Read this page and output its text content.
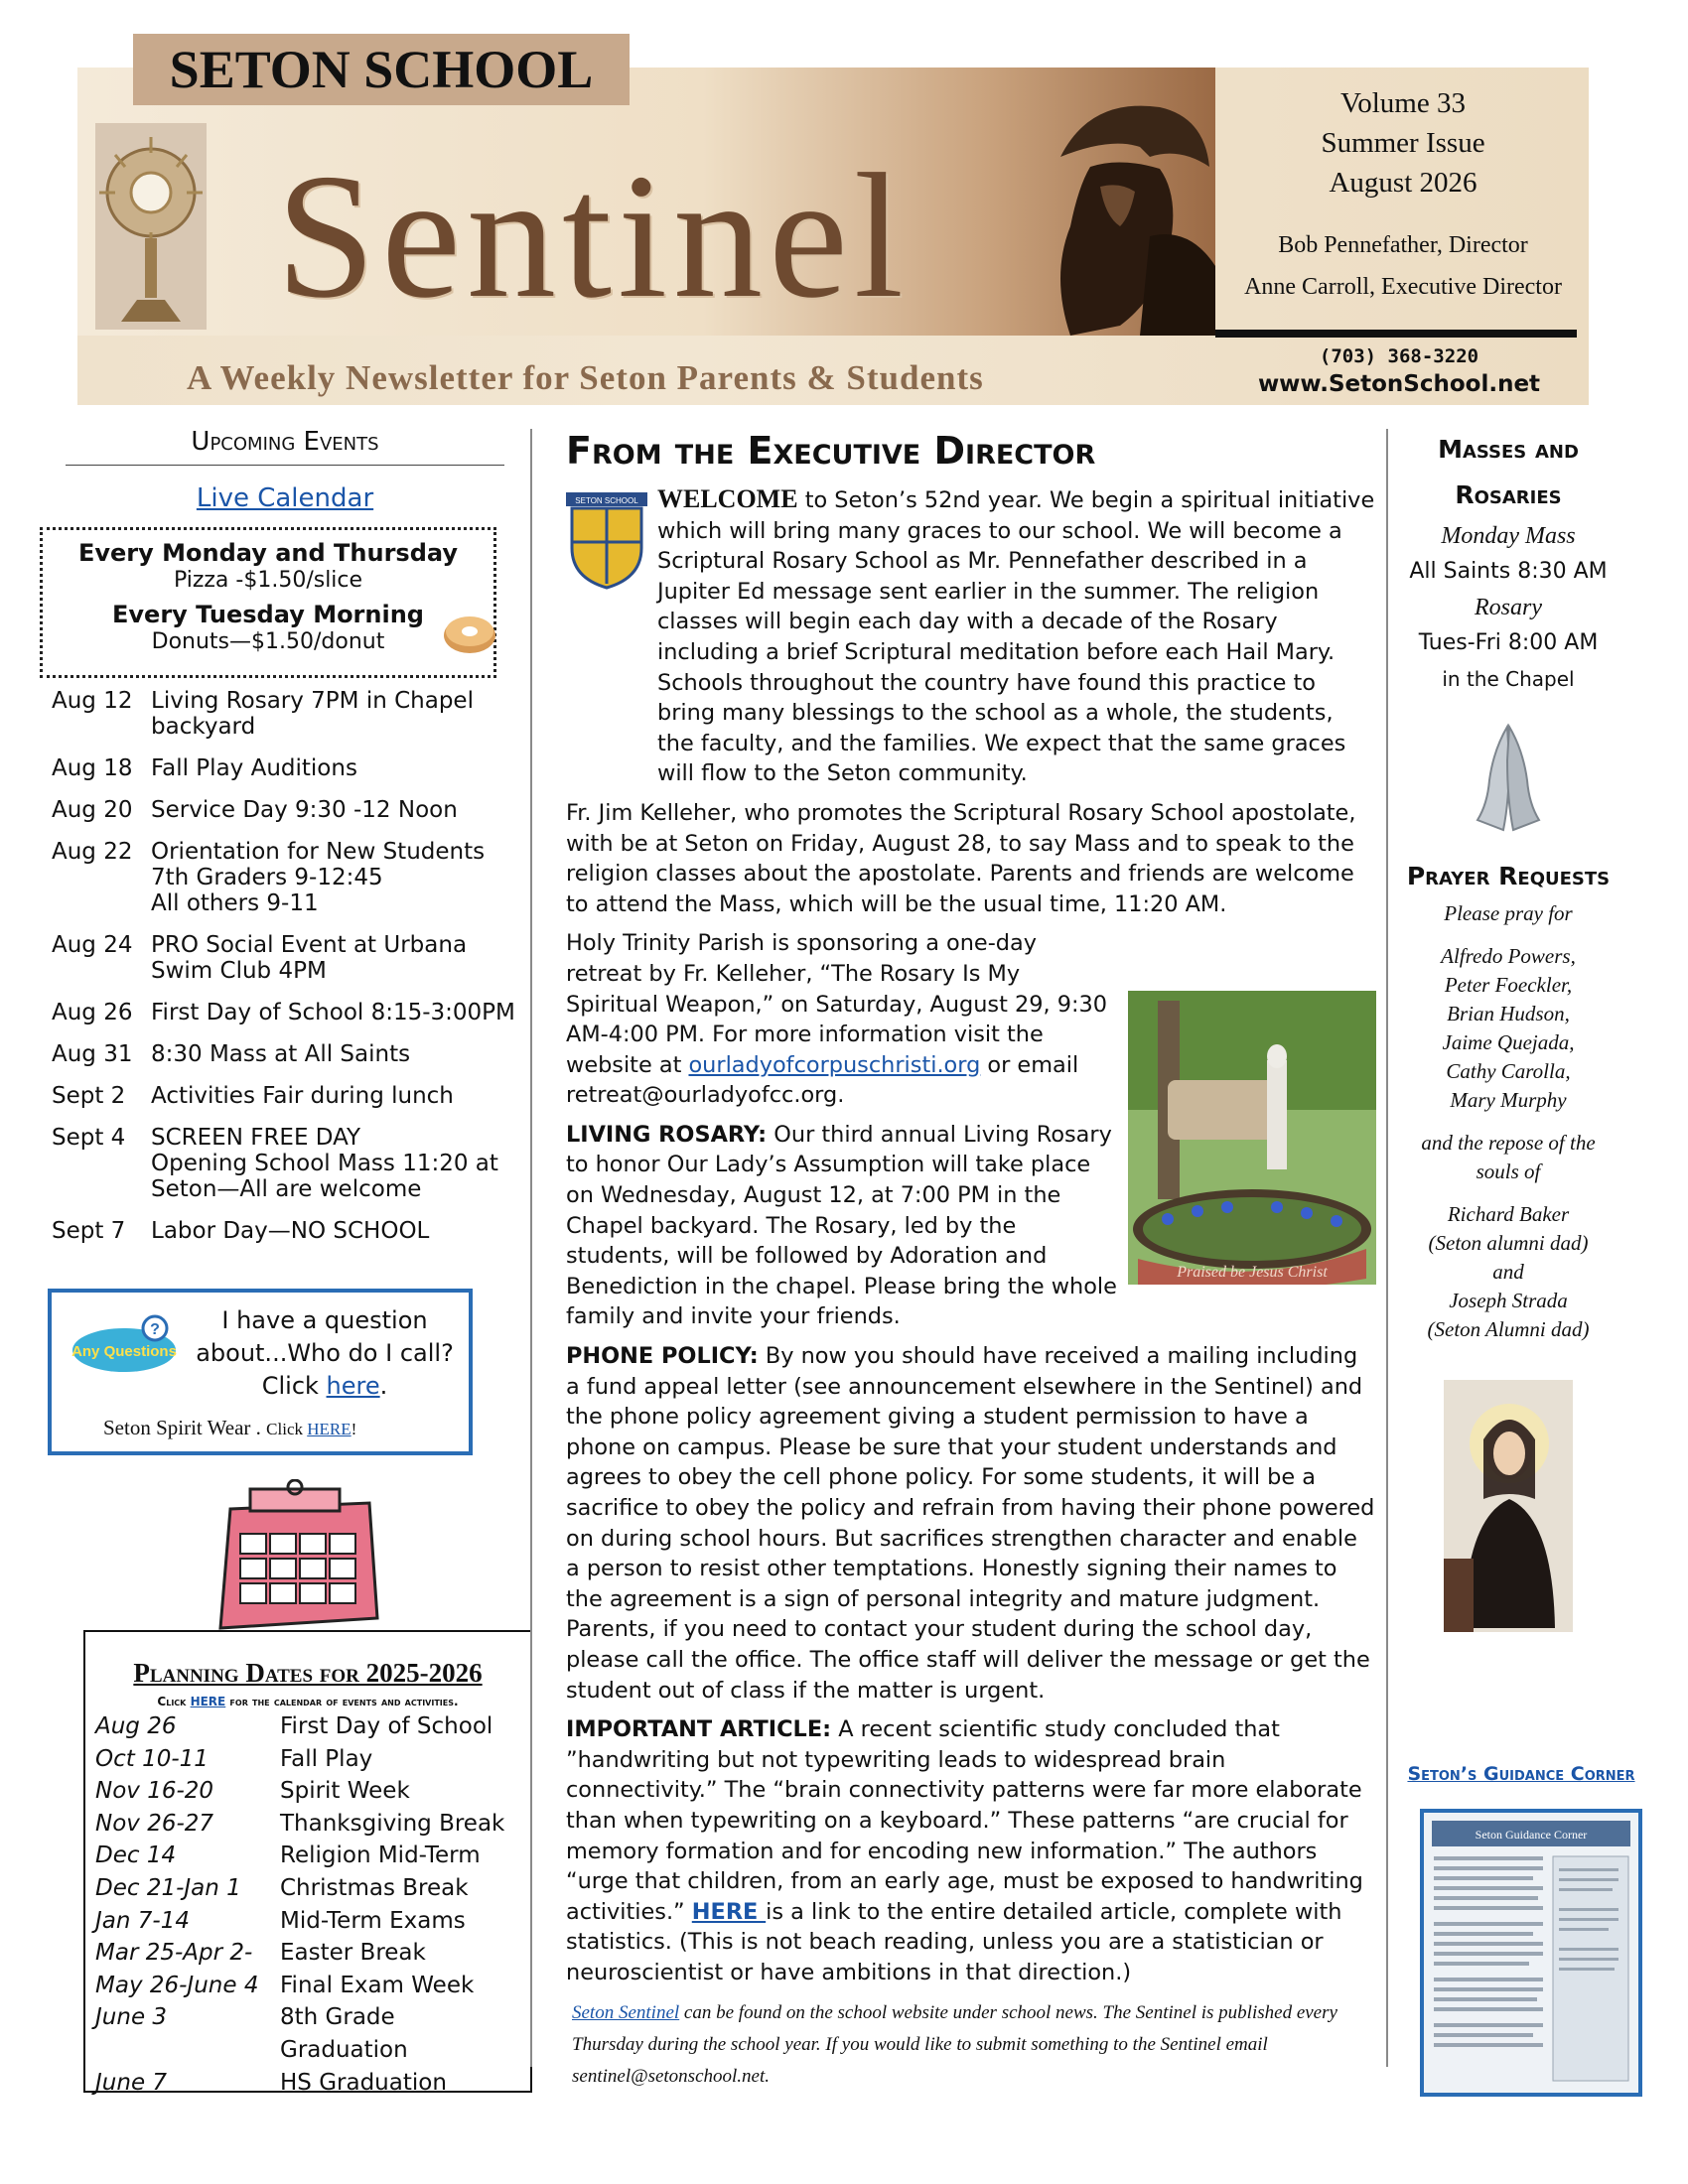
SETON SCHOOL
Sentinel
A Weekly Newsletter for Seton Parents & Students
Volume 33
Summer Issue
August 2026
Bob Pennefather, Director
Anne Carroll, Executive Director
(703) 368-3220
www.SetonSchool.net
Upcoming Events
Live Calendar
Every Monday and Thursday
Pizza -$1.50/slice
Every Tuesday Morning
Donuts—$1.50/donut
Aug 12 Living Rosary 7PM in Chapel backyard
Aug 18 Fall Play Auditions
Aug 20 Service Day 9:30 -12 Noon
Aug 22 Orientation for New Students
7th Graders 9-12:45
All others 9-11
Aug 24 PRO Social Event at Urbana Swim Club 4PM
Aug 26 First Day of School 8:15-3:00PM
Aug 31 8:30 Mass at All Saints
Sept 2	Activities Fair during lunch
Sept 4	SCREEN FREE DAY
Opening School Mass 11:20 at Seton—All are welcome
Sept 7	Labor Day—NO SCHOOL
?
Any Questions
I have a question about...Who do I call? Click here.
Seton Spirit Wear . Click HERE!
Planning Dates for 2025-2026
Click HERE for the calendar of events and activities.
Aug 26	First Day of School
Oct 10-11	Fall Play
Nov 16-20	Spirit Week
Nov 26-27	Thanksgiving Break
Dec 14	Religion Mid-Term
Dec 21-Jan 1	Christmas Break
Jan 7-14	Mid-Term Exams
Mar 25-Apr 2-	Easter Break
May 26-June 4 Final Exam Week
June 3	8th Grade Graduation
June 7	HS Graduation
From the Executive Director
SETON SCHOOL WELCOME to Seton’s 52nd year. We begin a spiritual initiative which will bring many graces to our school. We will become a Scriptural Rosary School as Mr. Pennefather described in a Jupiter Ed message sent earlier in the summer. The religion classes will begin each day with a decade of the Rosary including a brief Scriptural meditation before each Hail Mary. Schools throughout the country have found this practice to bring many blessings to the school as a whole, the students, the faculty, and the families. We expect that the same graces will flow to the Seton community.
Fr. Jim Kelleher, who promotes the Scriptural Rosary School apostolate, with be at Seton on Friday, August 28, to say Mass and to speak to the religion classes about the apostolate. Parents and friends are welcome to attend the Mass, which will be the usual time, 11:20 AM.
Holy Trinity Parish is sponsoring a one-day retreat by Fr. Kelleher, “The Rosary Is My Spiritual Weapon,” on Saturday, August 29, 9:30 AM-4:00 PM. For more information visit the website at ourladyofcorpuschristi.org or email retreat@ourladyofcc.org.
LIVING ROSARY: Our third annual Living Rosary to honor Our Lady’s Assumption will take place on Wednesday, August 12, at 7:00 PM in the Chapel backyard. The Rosary, led by the students, will be followed by Adoration and Benediction in the chapel. Please bring the whole family and invite your friends.
PHONE POLICY: By now you should have received a mailing including a fund appeal letter (see announcement elsewhere in the Sentinel) and the phone policy agreement giving a student permission to have a phone on campus. Please be sure that your student understands and agrees to obey the cell phone policy. For some students, it will be a sacrifice to obey the policy and refrain from having their phone powered on during school hours. But sacrifices strengthen character and enable a person to resist other temptations. Honestly signing their names to the agreement is a sign of personal integrity and mature judgment. Parents, if you need to contact your student during the school day, please call the office. The office staff will deliver the message or get the student out of class if the matter is urgent.
IMPORTANT ARTICLE: A recent scientific study concluded that ”handwriting but not typewriting leads to widespread brain connectivity.” The “brain connectivity patterns were far more elaborate than when typewriting on a keyboard.” These patterns “are crucial for memory formation and for encoding new information.” The authors “urge that children, from an early age, must be exposed to handwriting activities.” HERE is a link to the entire detailed article, complete with statistics. (This is not beach reading, unless you are a statistician or neuroscientist or have ambitions in that direction.)
Praised be Jesus Christ
Seton Sentinel can be found on the school website under school news. The Sentinel is published every Thursday during the school year. If you would like to submit something to the Sentinel email sentinel@setonschool.net.
Masses and Rosaries
Monday Mass
All Saints 8:30 AM
Rosary
Tues-Fri 8:00 AM
in the Chapel
Prayer Requests
Please pray for
Alfredo Powers,
Peter Foeckler,
Brian Hudson,
Jaime Quejada,
Cathy Carolla,
Mary Murphy
and the repose of the souls of
Richard Baker
(Seton alumni dad)
and
Joseph Strada
(Seton Alumni dad)
Seton’s Guidance Corner
Seton Guidance Corner
